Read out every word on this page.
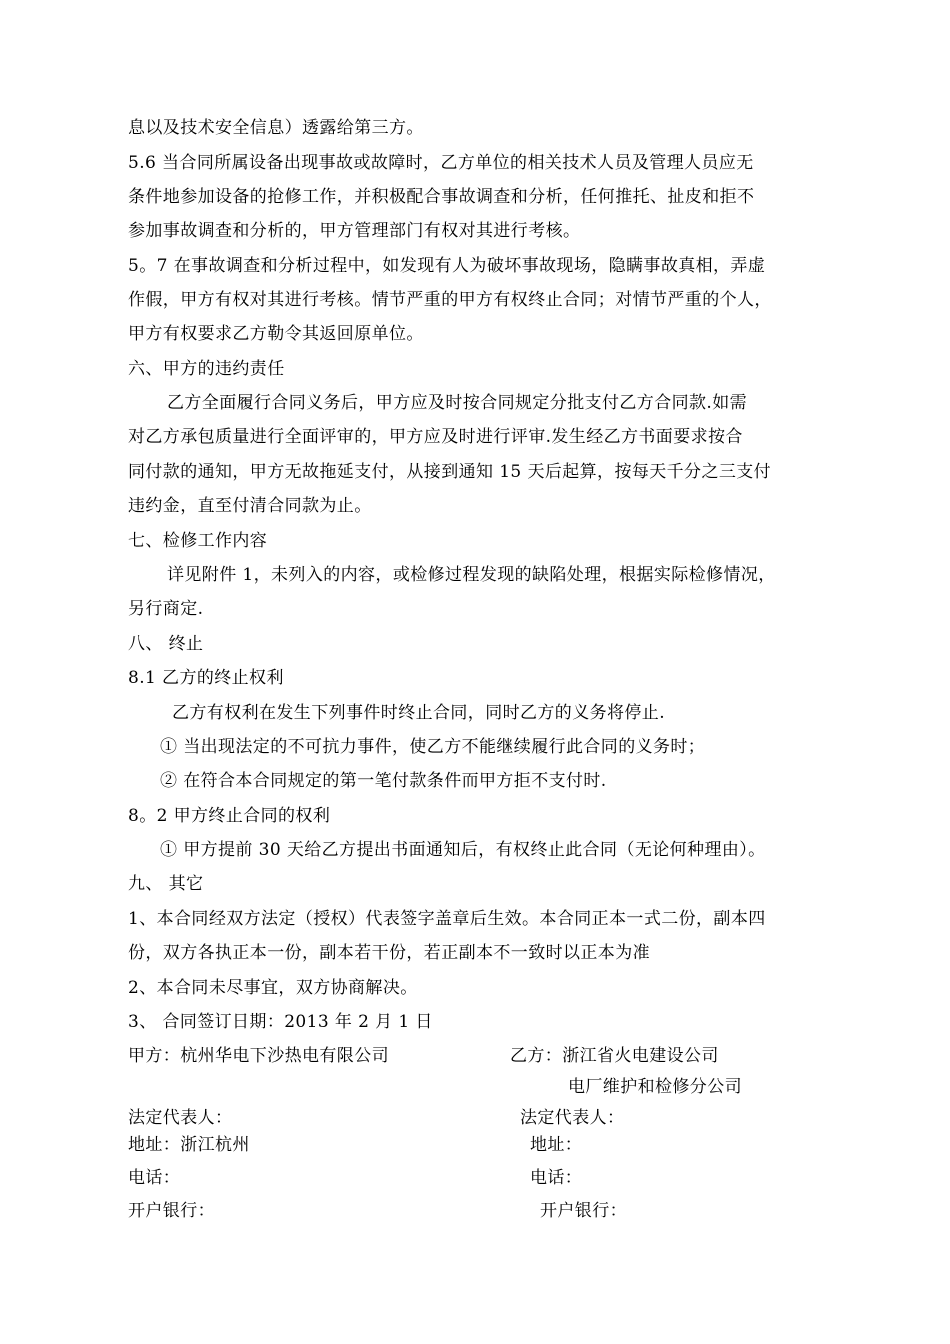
息以及技术安全信息）透露给第三方。
5.6 当合同所属设备出现事故或故障时，乙方单位的相关技术人员及管理人员应无
条件地参加设备的抢修工作，并积极配合事故调查和分析，任何推托、扯皮和拒不
参加事故调查和分析的，甲方管理部门有权对其进行考核。
5。7 在事故调查和分析过程中，如发现有人为破坏事故现场，隐瞒事故真相，弄虚
作假，甲方有权对其进行考核。情节严重的甲方有权终止合同；对情节严重的个人，
甲方有权要求乙方勒令其返回原单位。
六、甲方的违约责任
乙方全面履行合同义务后，甲方应及时按合同规定分批支付乙方合同款.如需
对乙方承包质量进行全面评审的，甲方应及时进行评审.发生经乙方书面要求按合
同付款的通知，甲方无故拖延支付，从接到通知 15 天后起算，按每天千分之三支付
违约金，直至付清合同款为止。
七、检修工作内容
详见附件 1，未列入的内容，或检修过程发现的缺陷处理，根据实际检修情况，
另行商定.
八、 终止
8.1 乙方的终止权利
乙方有权利在发生下列事件时终止合同，同时乙方的义务将停止.
① 当出现法定的不可抗力事件，使乙方不能继续履行此合同的义务时；
② 在符合本合同规定的第一笔付款条件而甲方拒不支付时.
8。2 甲方终止合同的权利
① 甲方提前 30 天给乙方提出书面通知后，有权终止此合同（无论何种理由）。
九、 其它
1、本合同经双方法定（授权）代表签字盖章后生效。本合同正本一式二份，副本四
份，双方各执正本一份，副本若干份，若正副本不一致时以正本为准
2、本合同未尽事宜，双方协商解决。
3、 合同签订日期：2013 年 2 月 1 日
甲方：杭州华电下沙热电有限公司
法定代表人：
地址：浙江杭州
电话：
开户银行：
乙方：浙江省火电建设公司
电厂维护和检修分公司
法定代表人：
地址：
电话：
开户银行：
